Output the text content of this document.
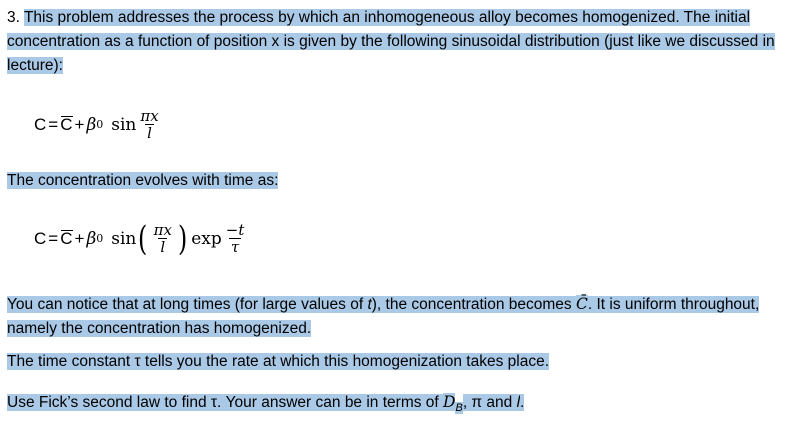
3. This problem addresses the process by which an inhomogeneous alloy becomes homogenized. The initial concentration as a function of position x is given by the following sinusoidal distribution (just like we discussed in lecture):
C = C + β 0 $\sin \frac{\pi x}{l}$
The concentration evolves with time as:
C = C + β 0 sin ( $\frac{\pi x}{l}$ ) $\exp \frac{-t}{\tau}$
You can notice that at long times (for large values of t), the concentration becomes C̄. It is uniform throughout, namely the concentration has homogenized.
The time constant τ tells you the rate at which this homogenization takes place.
Use Fick’s second law to find τ. Your answer can be in terms of $D_B$, π and l.
